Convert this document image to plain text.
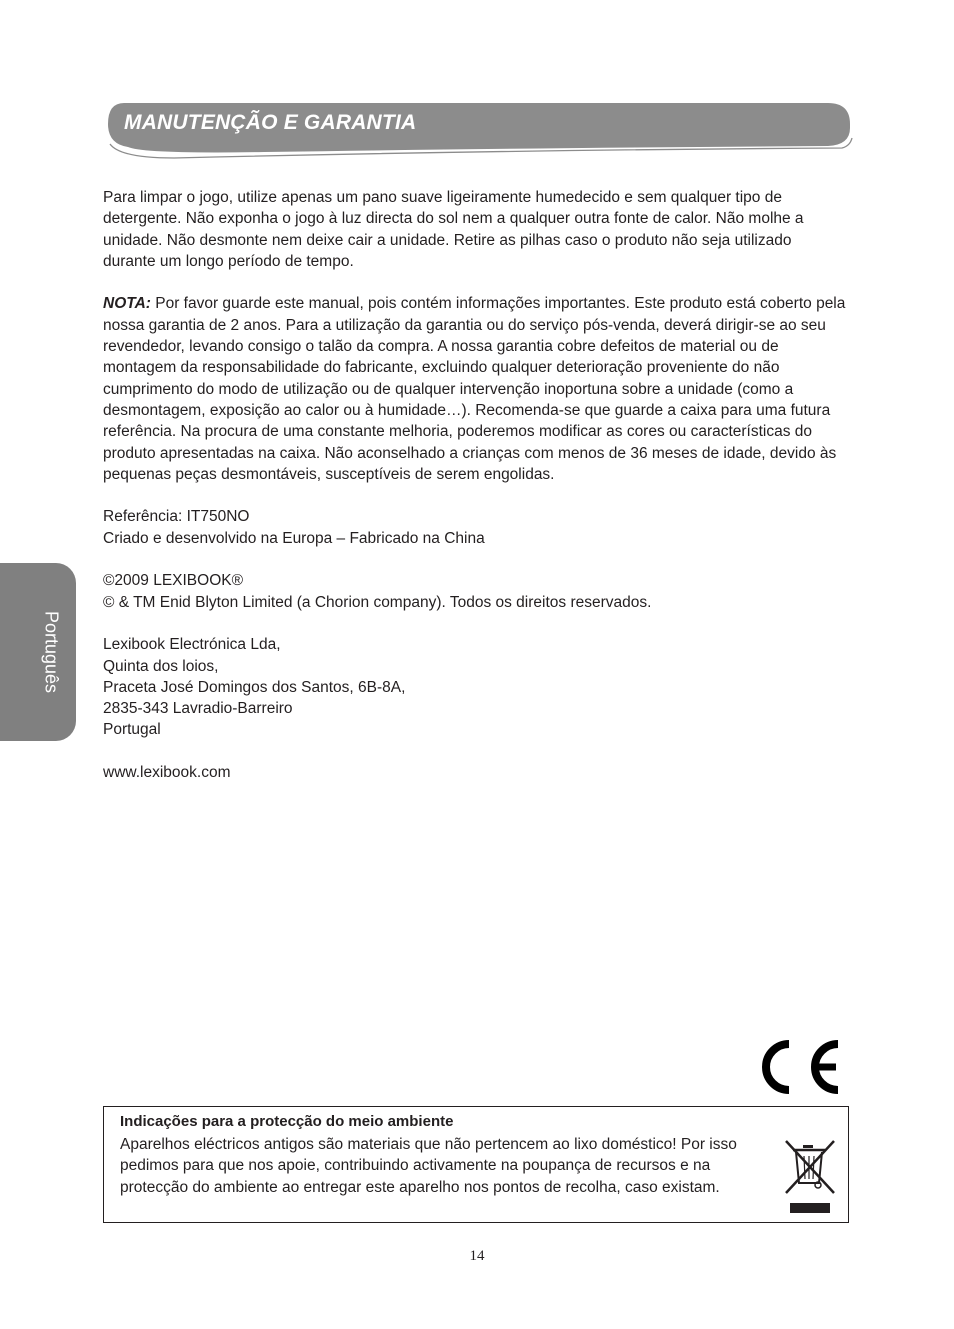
MANUTENÇÃO E GARANTIA

Para limpar o jogo, utilize apenas um pano suave ligeiramente humedecido e sem qualquer tipo de detergente. Não exponha o jogo à luz directa do sol nem a qualquer outra fonte de calor. Não molhe a unidade. Não desmonte nem deixe cair a unidade. Retire as pilhas caso o produto não seja utilizado durante um longo período de tempo.

NOTA: Por favor guarde este manual, pois contém informações importantes. Este produto está coberto pela nossa garantia de 2 anos. Para a utilização da garantia ou do serviço pós-venda, deverá dirigir-se ao seu revendedor, levando consigo o talão da compra. A nossa garantia cobre defeitos de material ou de montagem da responsabilidade do fabricante, excluindo qualquer deterioração proveniente do não cumprimento do modo de utilização ou de qualquer intervenção inoportuna sobre a unidade (como a desmontagem, exposição ao calor ou à humidade…). Recomenda-se que guarde a caixa para uma futura referência. Na procura de uma constante melhoria, poderemos modificar as cores ou características do produto apresentadas na caixa. Não aconselhado a crianças com menos de 36 meses de idade, devido às pequenas peças desmontáveis, susceptíveis de serem engolidas.

Referência: IT750NO
Criado e desenvolvido na Europa – Fabricado na China

©2009 LEXIBOOK®
© & TM Enid Blyton Limited (a Chorion company). Todos os direitos reservados.

Lexibook Electrónica Lda,
Quinta dos loios,
Praceta José Domingos dos Santos, 6B-8A,
2835-343 Lavradio-Barreiro
Portugal

www.lexibook.com

Português
Indicações para a protecção do meio ambiente
Aparelhos eléctricos antigos são materiais que não pertencem ao lixo doméstico! Por isso pedimos para que nos apoie, contribuindo activamente na poupança de recursos e na protecção do ambiente ao entregar este aparelho nos pontos de recolha, caso existam.
14
